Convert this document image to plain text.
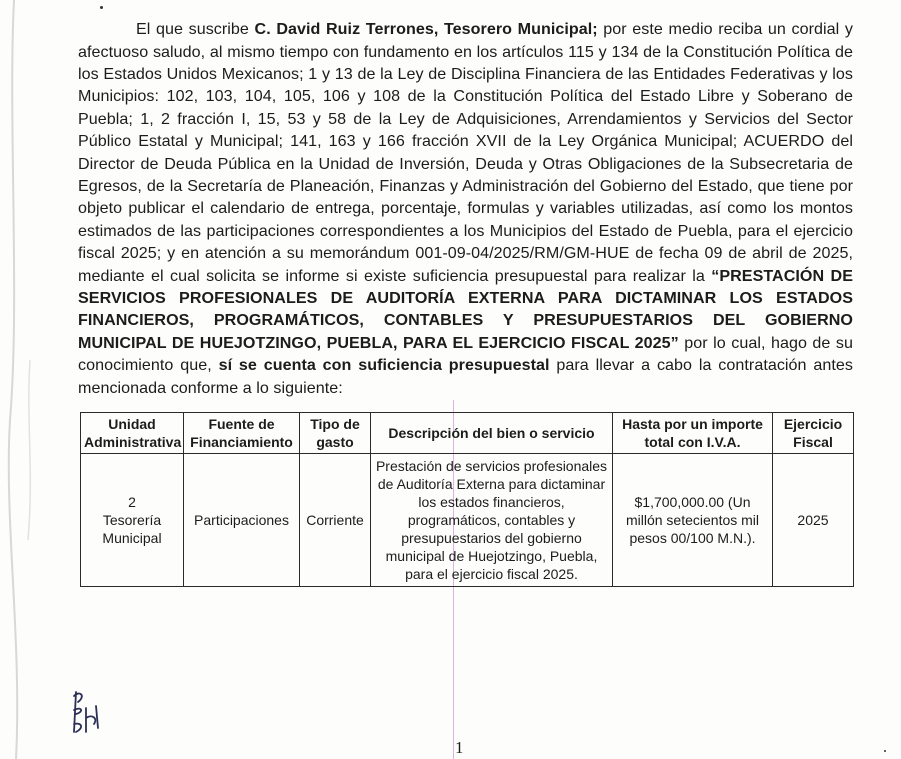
El que suscribe C. David Ruiz Terrones, Tesorero Municipal; por este medio reciba un cordial y afectuoso saludo, al mismo tiempo con fundamento en los artículos 115 y 134 de la Constitución Política de los Estados Unidos Mexicanos; 1 y 13 de la Ley de Disciplina Financiera de las Entidades Federativas y los Municipios: 102, 103, 104, 105, 106 y 108 de la Constitución Política del Estado Libre y Soberano de Puebla; 1, 2 fracción I, 15, 53 y 58 de la Ley de Adquisiciones, Arrendamientos y Servicios del Sector Público Estatal y Municipal; 141, 163 y 166 fracción XVII de la Ley Orgánica Municipal; ACUERDO del Director de Deuda Pública en la Unidad de Inversión, Deuda y Otras Obligaciones de la Subsecretaria de Egresos, de la Secretaría de Planeación, Finanzas y Administración del Gobierno del Estado, que tiene por objeto publicar el calendario de entrega, porcentaje, formulas y variables utilizadas, así como los montos estimados de las participaciones correspondientes a los Municipios del Estado de Puebla, para el ejercicio fiscal 2025; y en atención a su memorándum 001-09-04/2025/RM/GM-HUE de fecha 09 de abril de 2025, mediante el cual solicita se informe si existe suficiencia presupuestal para realizar la “PRESTACIÓN DE SERVICIOS PROFESIONALES DE AUDITORÍA EXTERNA PARA DICTAMINAR LOS ESTADOS FINANCIEROS, PROGRAMÁTICOS, CONTABLES Y PRESUPUESTARIOS DEL GOBIERNO MUNICIPAL DE HUEJOTZINGO, PUEBLA, PARA EL EJERCICIO FISCAL 2025” por lo cual, hago de su conocimiento que, sí se cuenta con suficiencia presupuestal para llevar a cabo la contratación antes mencionada conforme a lo siguiente:

Unidad Administrativa	Fuente de Financiamiento	Tipo de gasto	Descripción del bien o servicio	Hasta por un importe total con I.V.A.	Ejercicio Fiscal

2
Tesorería Municipal	Participaciones	Corriente	Prestación de servicios profesionales de Auditoría Externa para dictaminar los estados financieros, programáticos, contables y presupuestarios del gobierno municipal de Huejotzingo, Puebla, para el ejercicio fiscal 2025.	$1,700,000.00 (Un millón setecientos mil pesos 00/100 M.N.).	2025
1
